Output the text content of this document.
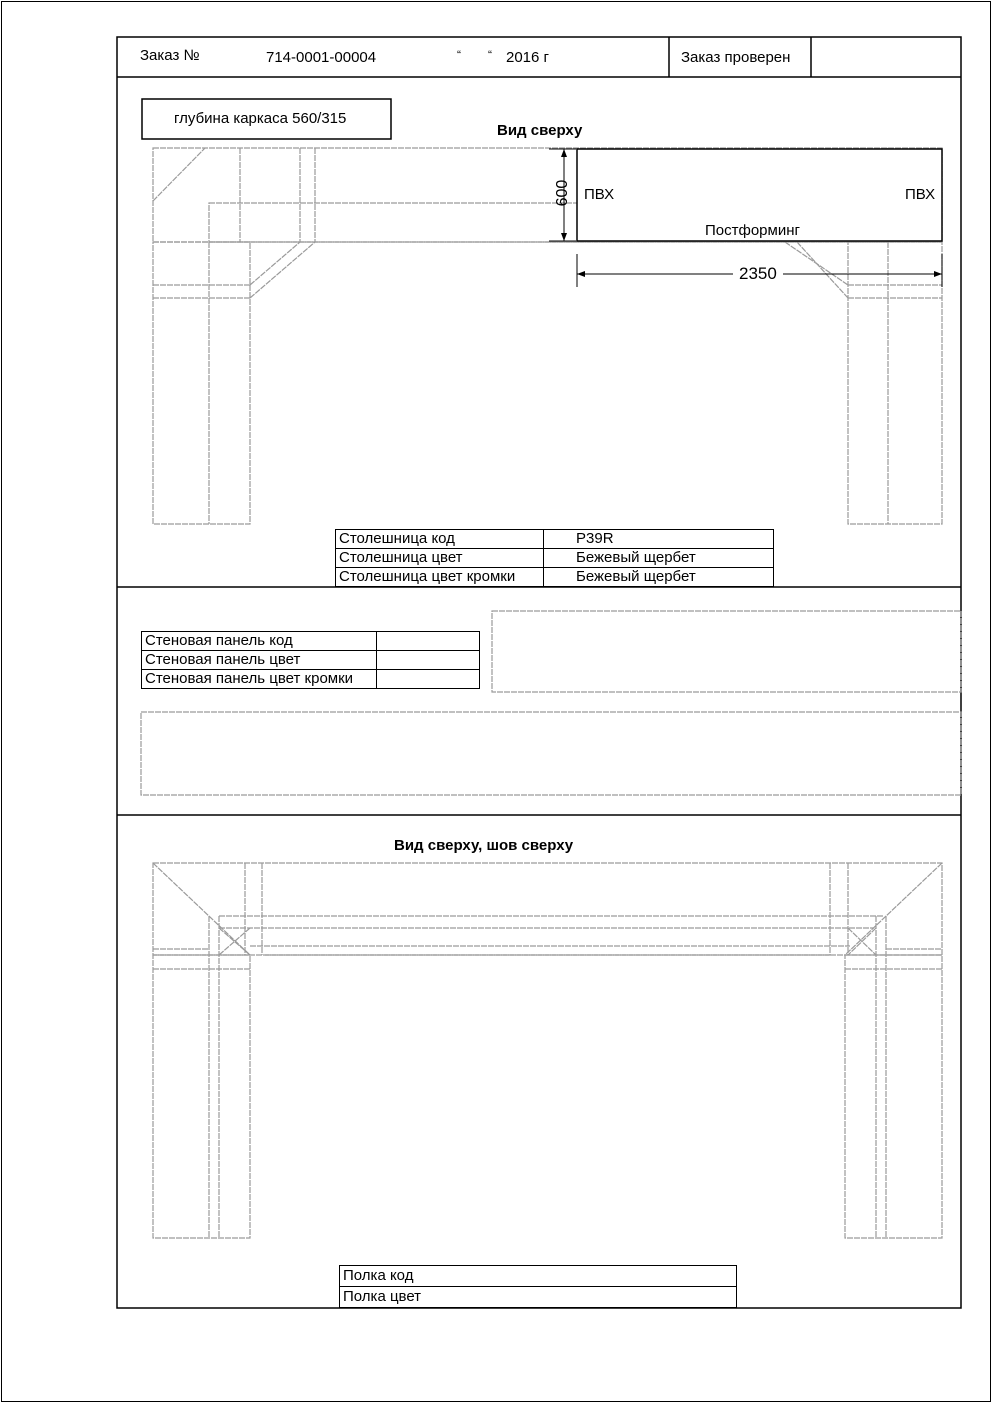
Заказ №	714-0001-00004	“ “ 2016 г	Заказ проверен
глубина каркаса 560/315
Вид сверху
600 ПВХ	ПВХ
Постформинг
2350
Столешница код	P39R
Столешница цвет	Бежевый щербет
Столешница цвет кромки	Бежевый щербет
Стеновая панель код	
Стеновая панель цвет	
Стеновая панель цвет кромки	
Вид сверху, шов сверху
Полка код
Полка цвет
